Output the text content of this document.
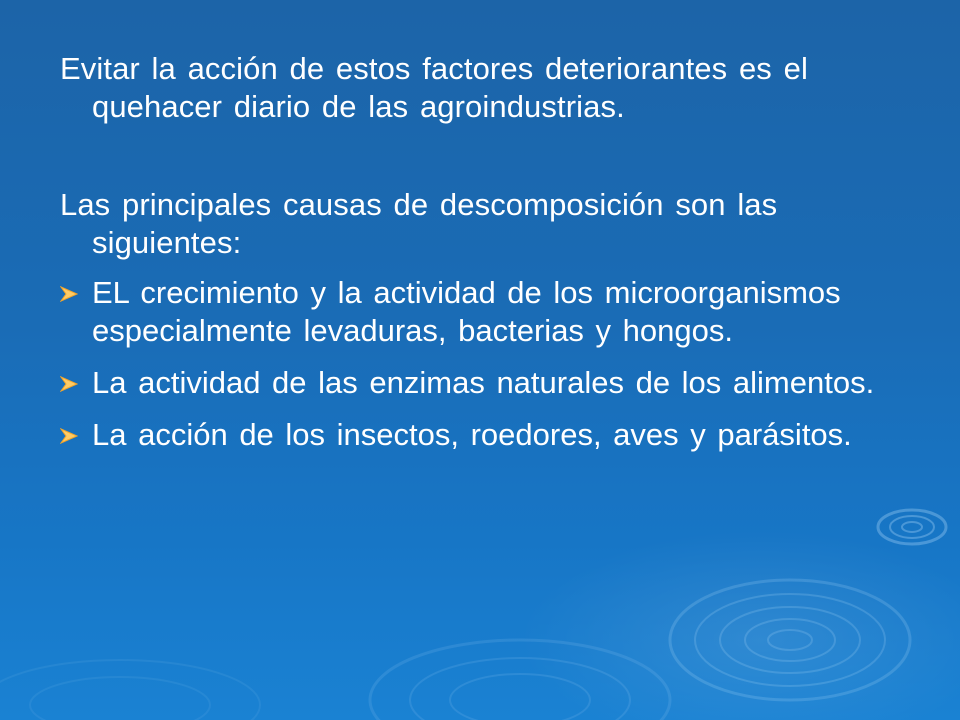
Evitar la acción de estos factores deteriorantes es el quehacer diario de las agroindustrias.

Las principales causas de descomposición son las siguientes:

EL crecimiento y la actividad de los microorganismos especialmente levaduras, bacterias y hongos.
La actividad de las enzimas naturales de los alimentos.
La acción de los insectos, roedores, aves y parásitos.
